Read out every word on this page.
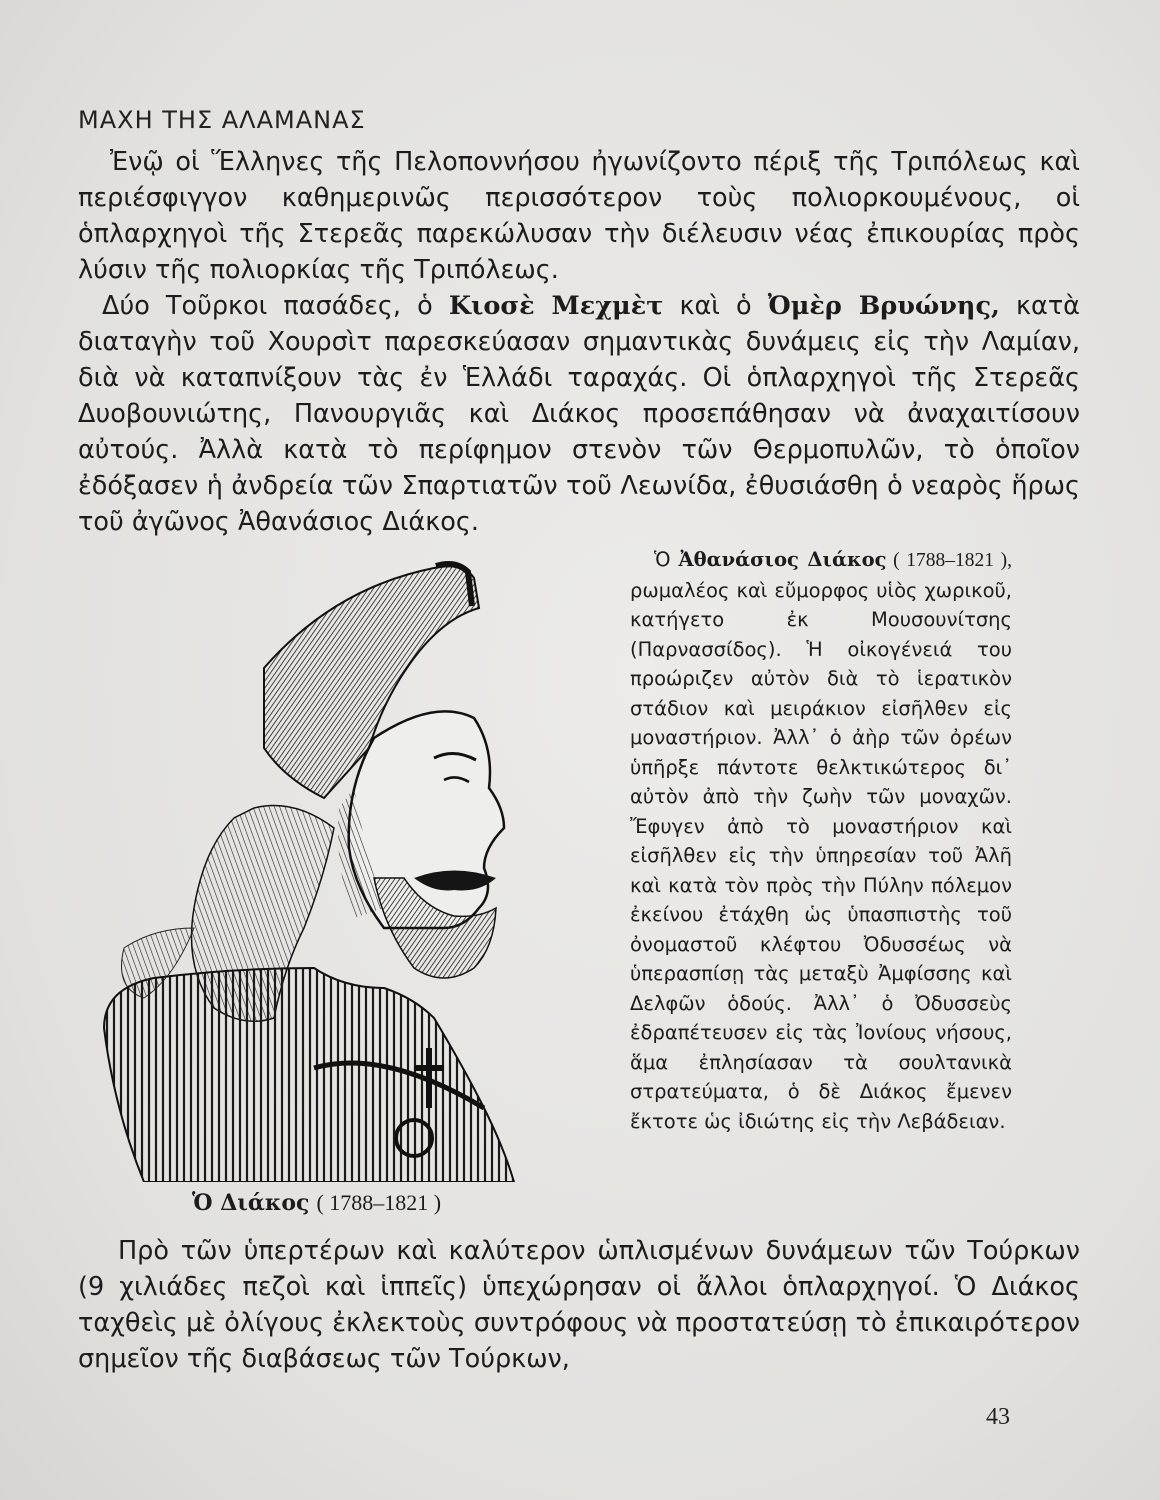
ΜΑΧΗ ΤΗΣ ΑΛΑΜΑΝΑΣ

Ἐνῷ οἱ Ἕλληνες τῆς Πελοποννήσου ἠγωνίζοντο πέριξ τῆς Τριπόλεως καὶ περιέσφιγγον καθημερινῶς περισσότερον τοὺς πολιορκουμένους, οἱ ὁπλαρχηγοὶ τῆς Στερεᾶς παρεκώλυσαν τὴν διέλευσιν νέας ἐπικουρίας πρὸς λύσιν τῆς πολιορκίας τῆς Τριπόλεως.

Δύο Τοῦρκοι πασάδες, ὁ Κιοσὲ Μεχμὲτ καὶ ὁ Ὀμὲρ Βρυώνης, κατὰ διαταγὴν τοῦ Χουρσὶτ παρεσκεύασαν σημαντικὰς δυνάμεις εἰς τὴν Λαμίαν, διὰ νὰ καταπνίξουν τὰς ἐν Ἑλλάδι ταραχάς. Οἱ ὁπλαρχηγοὶ τῆς Στερεᾶς Δυοβουνιώτης, Πανουργιᾶς καὶ Διάκος προσεπάθησαν νὰ ἀναχαιτίσουν αὐτούς. Ἀλλὰ κατὰ τὸ περίφημον στενὸν τῶν Θερμοπυλῶν, τὸ ὁποῖον ἐδόξασεν ἡ ἀνδρεία τῶν Σπαρτιατῶν τοῦ Λεωνίδα, ἐθυσιάσθη ὁ νεαρὸς ἥρως τοῦ ἀγῶνος Ἀθανάσιος Διάκος.

Ὁ Διάκος ( 1788–1821 )

Ὁ Ἀθανάσιος Διάκος ( 1788–1821 ), ρωμαλέος καὶ εὔμορφος υἱὸς χωρικοῦ, κατήγετο ἐκ Μουσουνίτσης (Παρνασσίδος). Ἡ οἰκογένειά του προώριζεν αὐτὸν διὰ τὸ ἱερατικὸν στάδιον καὶ μειράκιον εἰσῆλθεν εἰς μοναστήριον. Ἀλλ᾽ ὁ ἀὴρ τῶν ὀρέων ὑπῆρξε πάντοτε θελκτικώτερος δι᾽ αὐτὸν ἀπὸ τὴν ζωὴν τῶν μοναχῶν. Ἔφυγεν ἀπὸ τὸ μοναστήριον καὶ εἰσῆλθεν εἰς τὴν ὑπηρεσίαν τοῦ Ἀλῆ καὶ κατὰ τὸν πρὸς τὴν Πύλην πόλεμον ἐκείνου ἐτάχθη ὡς ὑπασπιστὴς τοῦ ὀνομαστοῦ κλέφτου Ὀδυσσέως νὰ ὑπερασπίσῃ τὰς μεταξὺ Ἀμφίσσης καὶ Δελφῶν ὁδούς. Ἀλλ᾽ ὁ Ὀδυσσεὺς ἐδραπέτευσεν εἰς τὰς Ἰονίους νήσους, ἅμα ἐπλησίασαν τὰ σουλτανικὰ στρατεύματα, ὁ δὲ Διάκος ἔμενεν ἔκτοτε ὡς ἰδιώτης εἰς τὴν Λεβάδειαν.

Πρὸ τῶν ὑπερτέρων καὶ καλύτερον ὡπλισμένων δυνάμεων τῶν Τούρκων (9 χιλιάδες πεζοὶ καὶ ἱππεῖς) ὑπεχώρησαν οἱ ἄλλοι ὁπλαρχηγοί. Ὁ Διάκος ταχθεὶς μὲ ὀλίγους ἐκλεκτοὺς συντρόφους νὰ προστατεύσῃ τὸ ἐπικαιρότερον σημεῖον τῆς διαβάσεως τῶν Τούρκων,

43
